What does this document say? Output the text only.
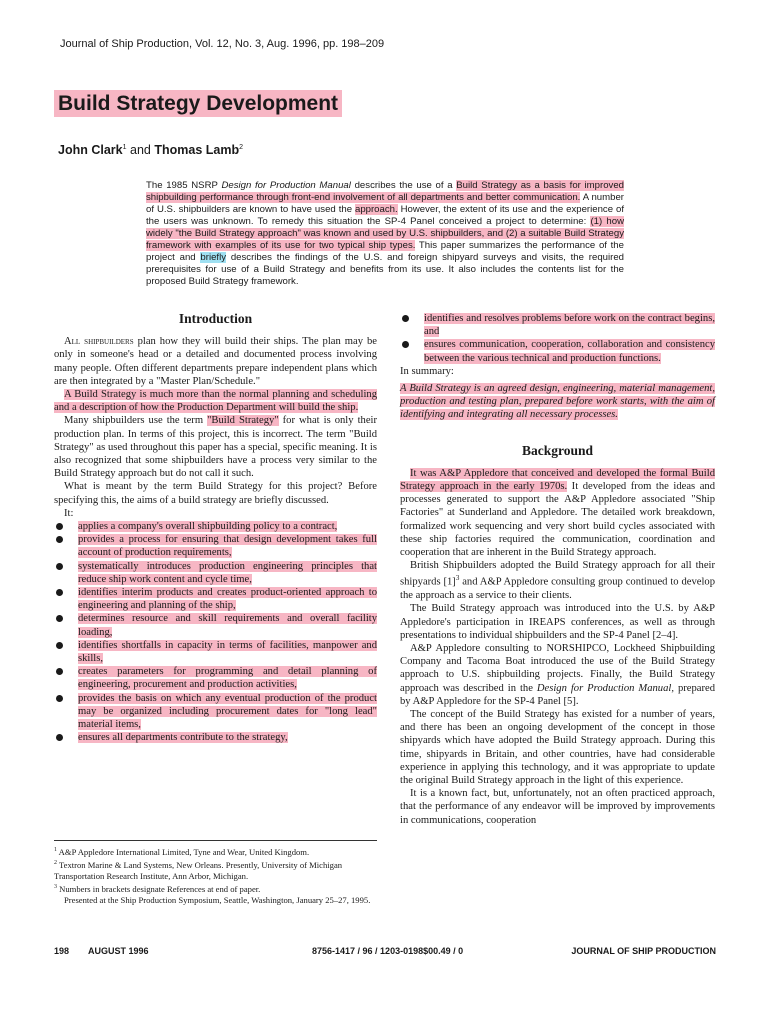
Journal of Ship Production, Vol. 12, No. 3, Aug. 1996, pp. 198–209
Build Strategy Development
John Clark$^1$ and Thomas Lamb$^2$
The 1985 NSRP Design for Production Manual describes the use of a Build Strategy as a basis for improved shipbuilding performance through front-end involvement of all departments and better communication. A number of U.S. shipbuilders are known to have used the approach. However, the extent of its use and the experience of the users was unknown. To remedy this situation the SP-4 Panel conceived a project to determine: (1) how widely "the Build Strategy approach" was known and used by U.S. shipbuilders, and (2) a suitable Build Strategy framework with examples of its use for two typical ship types. This paper summarizes the performance of the project and briefly describes the findings of the U.S. and foreign shipyard surveys and visits, the required prerequisites for use of a Build Strategy and benefits from its use. It also includes the contents list for the proposed Build Strategy framework.
Introduction

All shipbuilders plan how they will build their ships. The plan may be only in someone's head or a detailed and documented process involving many people. Often different departments prepare independent plans which are then integrated by a "Master Plan/Schedule."

A Build Strategy is much more than the normal planning and scheduling and a description of how the Production Department will build the ship.

Many shipbuilders use the term "Build Strategy" for what is only their production plan. In terms of this project, this is incorrect. The term "Build Strategy" as used throughout this paper has a special, specific meaning. It is also recognized that some shipbuilders have a process very similar to the Build Strategy approach but do not call it such.

What is meant by the term Build Strategy for this project? Before specifying this, the aims of a build strategy are briefly discussed.

It:

applies a company's overall shipbuilding policy to a contract,
provides a process for ensuring that design development takes full account of production requirements,
systematically introduces production engineering principles that reduce ship work content and cycle time,
identifies interim products and creates product-oriented approach to engineering and planning of the ship,
determines resource and skill requirements and overall facility loading,
identifies shortfalls in capacity in terms of facilities, manpower and skills,
creates parameters for programming and detail planning of engineering, procurement and production activities,
provides the basis on which any eventual production of the product may be organized including procurement dates for "long lead" material items,
ensures all departments contribute to the strategy,
$^1$ A&P Appledore International Limited, Tyne and Wear, United Kingdom.
$^2$ Textron Marine & Land Systems, New Orleans. Presently, University of Michigan Transportation Research Institute, Ann Arbor, Michigan.
$^3$ Numbers in brackets designate References at end of paper.
Presented at the Ship Production Symposium, Seattle, Washington, January 25–27, 1995.
identifies and resolves problems before work on the contract begins, and
ensures communication, cooperation, collaboration and consistency between the various technical and production functions.

In summary:

A Build Strategy is an agreed design, engineering, material management, production and testing plan, prepared before work starts, with the aim of identifying and integrating all necessary processes.

Background

It was A&P Appledore that conceived and developed the formal Build Strategy approach in the early 1970s. It developed from the ideas and processes generated to support the A&P Appledore associated "Ship Factories" at Sunderland and Appledore. The detailed work breakdown, formalized work sequencing and very short build cycles associated with these ship factories required the communication, coordination and cooperation that are inherent in the Build Strategy approach.

British Shipbuilders adopted the Build Strategy approach for all their shipyards $[1]^3$ and A&P Appledore consulting group continued to develop the approach as a service to their clients.

The Build Strategy approach was introduced into the U.S. by A&P Appledore's participation in IREAPS conferences, as well as through presentations to individual shipbuilders and the SP-4 Panel [2–4].

A&P Appledore consulting to NORSHIPCO, Lockheed Shipbuilding Company and Tacoma Boat introduced the use of the Build Strategy approach to U.S. shipbuilding projects. Finally, the Build Strategy approach was described in the Design for Production Manual, prepared by A&P Appledore for the SP-4 Panel [5].

The concept of the Build Strategy has existed for a number of years, and there has been an ongoing development of the concept in those shipyards which have adopted the Build Strategy approach. During this time, shipyards in Britain, and other countries, have had considerable experience in applying this technology, and it was appropriate to update the original Build Strategy approach in the light of this experience.

It is a known fact, but, unfortunately, not an often practiced approach, that the performance of any endeavor will be improved by improvements in communications, cooperation

198 AUGUST 1996	8756-1417 / 96 / 1203-0198$00.49 / 0	JOURNAL OF SHIP PRODUCTION
